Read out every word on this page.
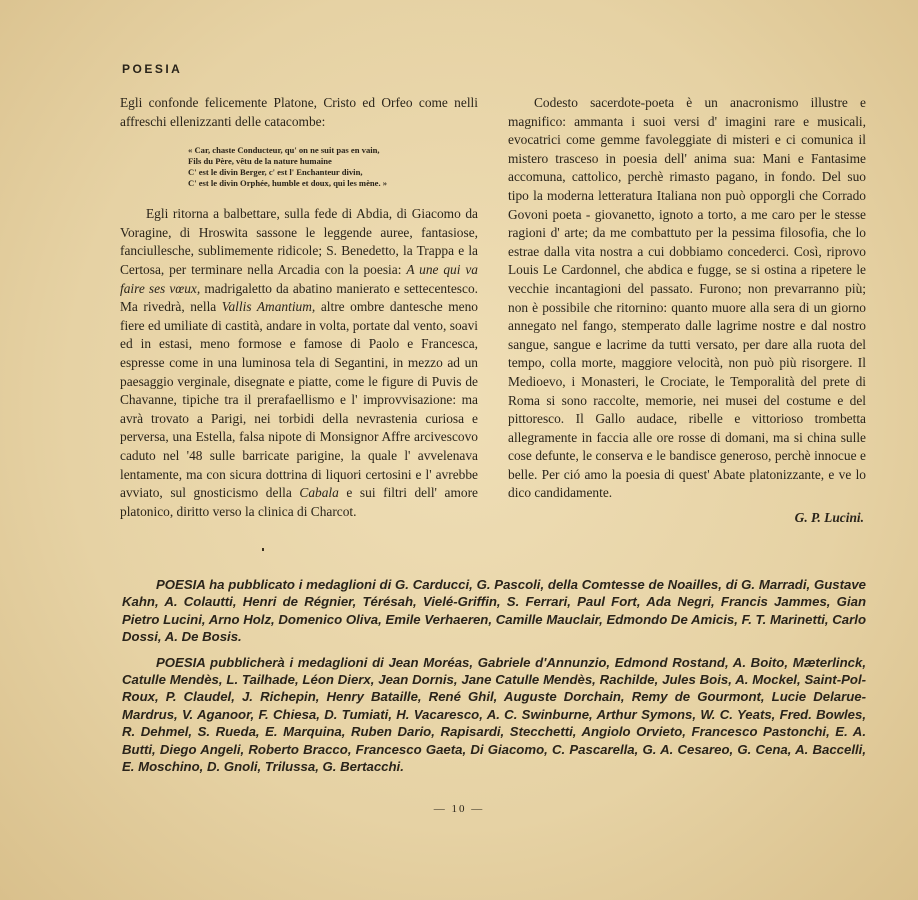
POESIA

Egli confonde felicemente Platone, Cristo ed Orfeo come nelli affreschi ellenizzanti delle catacombe:

« Car, chaste Conducteur, qu' on ne suit pas en vain,
Fils du Père, vêtu de la nature humaine
C' est le divin Berger, c' est l' Enchanteur divin,
C' est le divin Orphée, humble et doux, qui les mène. »

Egli ritorna a balbettare, sulla fede di Abdia, di Giacomo da Voragine, di Hroswita sassone le leggende auree, fantasiose, fanciullesche, sublimemente ridicole; S. Benedetto, la Trappa e la Certosa, per terminare nella Arcadia con la poesia: A une qui va faire ses vœux, madrigaletto da abatino manierato e settecentesco. Ma rivedrà, nella Vallis Amantium, altre ombre dantesche meno fiere ed umiliate di castità, andare in volta, portate dal vento, soavi ed in estasi, meno formose e famose di Paolo e Francesca, espresse come in una luminosa tela di Segantini, in mezzo ad un paesaggio verginale, disegnate e piatte, come le figure di Puvis de Chavanne, tipiche tra il prerafaellismo e l' improvvisazione: ma avrà trovato a Parigi, nei torbidi della nevrastenia curiosa e perversa, una Estella, falsa nipote di Monsignor Affre arcivescovo caduto nel '48 sulle barricate parigine, la quale l' avvelenava lentamente, ma con sicura dottrina di liquori certosini e l' avrebbe avviato, sul gnosticismo della Cabala e sui filtri dell' amore platonico, diritto verso la clinica di Charcot.

Codesto sacerdote-poeta è un anacronismo illustre e magnifico: ammanta i suoi versi d' imagini rare e musicali, evocatrici come gemme favoleggiate di misteri e ci comunica il mistero trasceso in poesia dell' anima sua: Mani e Fantasime accomuna, cattolico, perchè rimasto pagano, in fondo. Del suo tipo la moderna letteratura Italiana non può opporgli che Corrado Govoni poeta - giovanetto, ignoto a torto, a me caro per le stesse ragioni d' arte; da me combattuto per la pessima filosofia, che lo estrae dalla vita nostra a cui dobbiamo concederci. Così, riprovo Louis Le Cardonnel, che abdica e fugge, se si ostina a ripetere le vecchie incantagioni del passato. Furono; non prevarranno più; non è possibile che ritornino: quanto muore alla sera di un giorno annegato nel fango, stemperato dalle lagrime nostre e dal nostro sangue, sangue e lacrime da tutti versato, per dare alla ruota del tempo, colla morte, maggiore velocità, non può più risorgere. Il Medioevo, i Monasteri, le Crociate, le Temporalità del prete di Roma si sono raccolte, memorie, nei musei del costume e del pittoresco. Il Gallo audace, ribelle e vittorioso trombetta allegramente in faccia alle ore rosse di domani, ma si china sulle cose defunte, le conserva e le bandisce generoso, perchè innocue e belle. Per ció amo la poesia di quest' Abate platonizzante, e ve lo dico candidamente.

G. P. Lucini.

POESIA ha pubblicato i medaglioni di G. Carducci, G. Pascoli, della Comtesse de Noailles, di G. Marradi, Gustave Kahn, A. Colautti, Henri de Régnier, Térésah, Vielé-Griffin, S. Ferrari, Paul Fort, Ada Negri, Francis Jammes, Gian Pietro Lucini, Arno Holz, Domenico Oliva, Emile Verhaeren, Camille Mauclair, Edmondo De Amicis, F. T. Marinetti, Carlo Dossi, A. De Bosis.

POESIA pubblicherà i medaglioni di Jean Moréas, Gabriele d'Annunzio, Edmond Rostand, A. Boito, Mæterlinck, Catulle Mendès, L. Tailhade, Léon Dierx, Jean Dornis, Jane Catulle Mendès, Rachilde, Jules Bois, A. Mockel, Saint-Pol-Roux, P. Claudel, J. Richepin, Henry Bataille, René Ghil, Auguste Dorchain, Remy de Gourmont, Lucie Delarue-Mardrus, V. Aganoor, F. Chiesa, D. Tumiati, H. Vacaresco, A. C. Swinburne, Arthur Symons, W. C. Yeats, Fred. Bowles, R. Dehmel, S. Rueda, E. Marquina, Ruben Dario, Rapisardi, Stecchetti, Angiolo Orvieto, Francesco Pastonchi, E. A. Butti, Diego Angeli, Roberto Bracco, Francesco Gaeta, Di Giacomo, C. Pascarella, G. A. Cesareo, G. Cena, A. Baccelli, E. Moschino, D. Gnoli, Trilussa, G. Bertacchi.

— 10 —
